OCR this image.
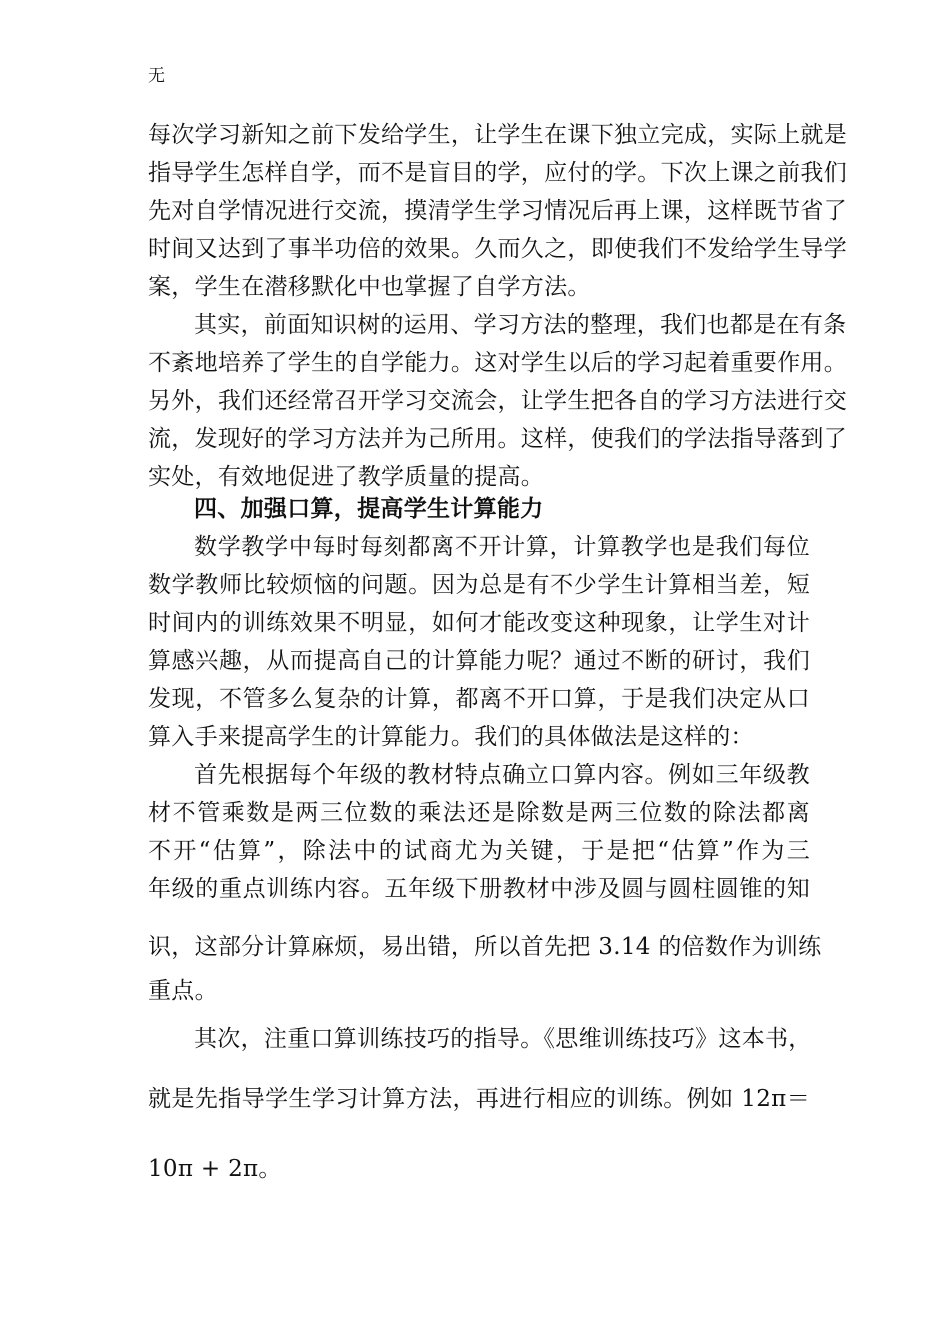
无
每次学习新知之前下发给学生，让学生在课下独立完成，实际上就是
指导学生怎样自学，而不是盲目的学，应付的学。下次上课之前我们
先对自学情况进行交流，摸清学生学习情况后再上课，这样既节省了
时间又达到了事半功倍的效果。久而久之，即使我们不发给学生导学
案，学生在潜移默化中也掌握了自学方法。
其实，前面知识树的运用、学习方法的整理，我们也都是在有条
不紊地培养了学生的自学能力。这对学生以后的学习起着重要作用。
另外，我们还经常召开学习交流会，让学生把各自的学习方法进行交
流，发现好的学习方法并为己所用。这样，使我们的学法指导落到了
实处，有效地促进了教学质量的提高。
四、加强口算，提高学生计算能力
数学教学中每时每刻都离不开计算，计算教学也是我们每位
数学教师比较烦恼的问题。因为总是有不少学生计算相当差，短
时间内的训练效果不明显，如何才能改变这种现象，让学生对计
算感兴趣，从而提高自己的计算能力呢？通过不断的研讨，我们
发现，不管多么复杂的计算，都离不开口算，于是我们决定从口
算入手来提高学生的计算能力。我们的具体做法是这样的：
首先根据每个年级的教材特点确立口算内容。例如三年级教
材不管乘数是两三位数的乘法还是除数是两三位数的除法都离
不开“估算”，除法中的试商尤为关键，于是把“估算”作为三
年级的重点训练内容。五年级下册教材中涉及圆与圆柱圆锥的知
识，这部分计算麻烦，易出错，所以首先把 3.14 的倍数作为训练
重点。
其次，注重口算训练技巧的指导。《思维训练技巧》这本书，
就是先指导学生学习计算方法，再进行相应的训练。例如 12π＝
10π + 2π。
